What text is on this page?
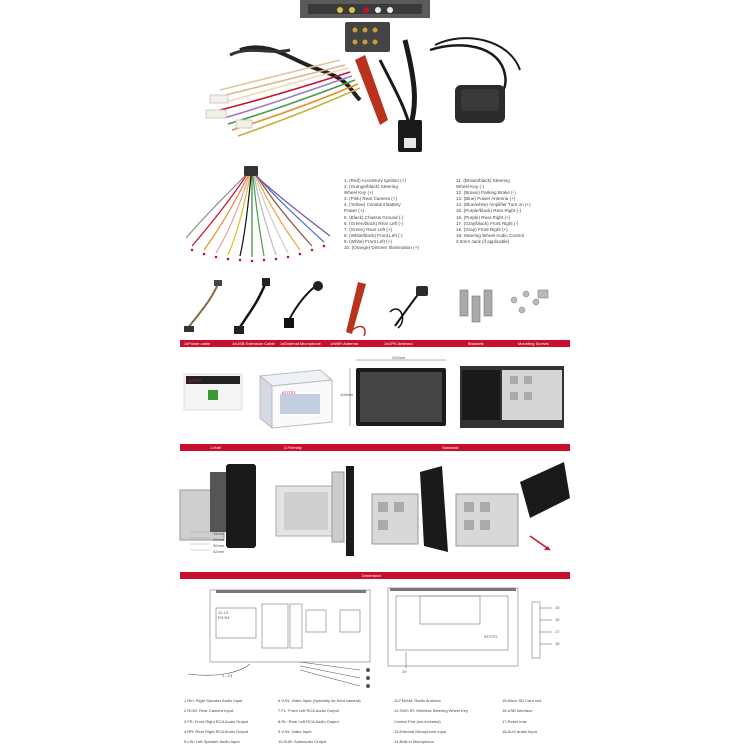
1. (Red) Accessory Ignition (+)
2. (Orange/black) Steering
Wheel Key (+)
3. (Pink) Rear Camera (+)
4. (Yellow) Constant Battery
Power (+)
5. (Black) Chassis Ground (-)
6. (Green/black) Rear Left (-)
7. (Green) Rear Left (+)
8. (White/black) Front Left (-)
9. (White) Front Left (+)
10. (Orange) Dimmer Illumination (+)
11. (Brown/black) Steering
Wheel Key (-)
12. (Brown) Parking Brake (-)
13. (Blue) Power Antenna (+)
14. (Blue/white) Amplifier Turn on (+)
15. (Purple/black) Rear Right (-)
16. (Purple) Rear Right (+)
17. (Gray/black) Front Right (-)
18. (Gray) Front Right (+)
19. Steering Wheel Audio Control
3.5mm Jack (if applicable)
1xPower cable	1xUSB Extension Cable 1xExternal Microphone 1xWiFi Antenna	1xGPS Antenna	Brackets	Mounting Screws
ATOTO
ATOTO
202mm
105mm
1-Half	2-Friendly	Standard
15mm
20mm
30mm
42mm
Dimension
12-13
R3-R4
1 - 13
ATOTO
15
16
17
18
19
1.RIn: Right Speaker Audio Input
2.RCW: Rear Camera Input
3.FR: Front Right RCA Audio Output
4.RR: Rear Right RCA Audio Output
5.LIN: Left Speaker Audio Input
6.V-IN: Video Input (Specially for front camera)
7.FL: Front Left RCA Audio Output
8.RL: Rear Left RCA Audio Output
9.V-IN: Video Input
10.SUB: Subwoofer Output
11.FM/AM: Radio Antenna
12.SWC IR: Wireless Steering Wheel Key
Control Port (not included)
13.External Microphone Input
14.Built-in Microphone
15.Micro SD Card slot
16.USB Interface
17.Reset hole
18.AUX Audio Input
